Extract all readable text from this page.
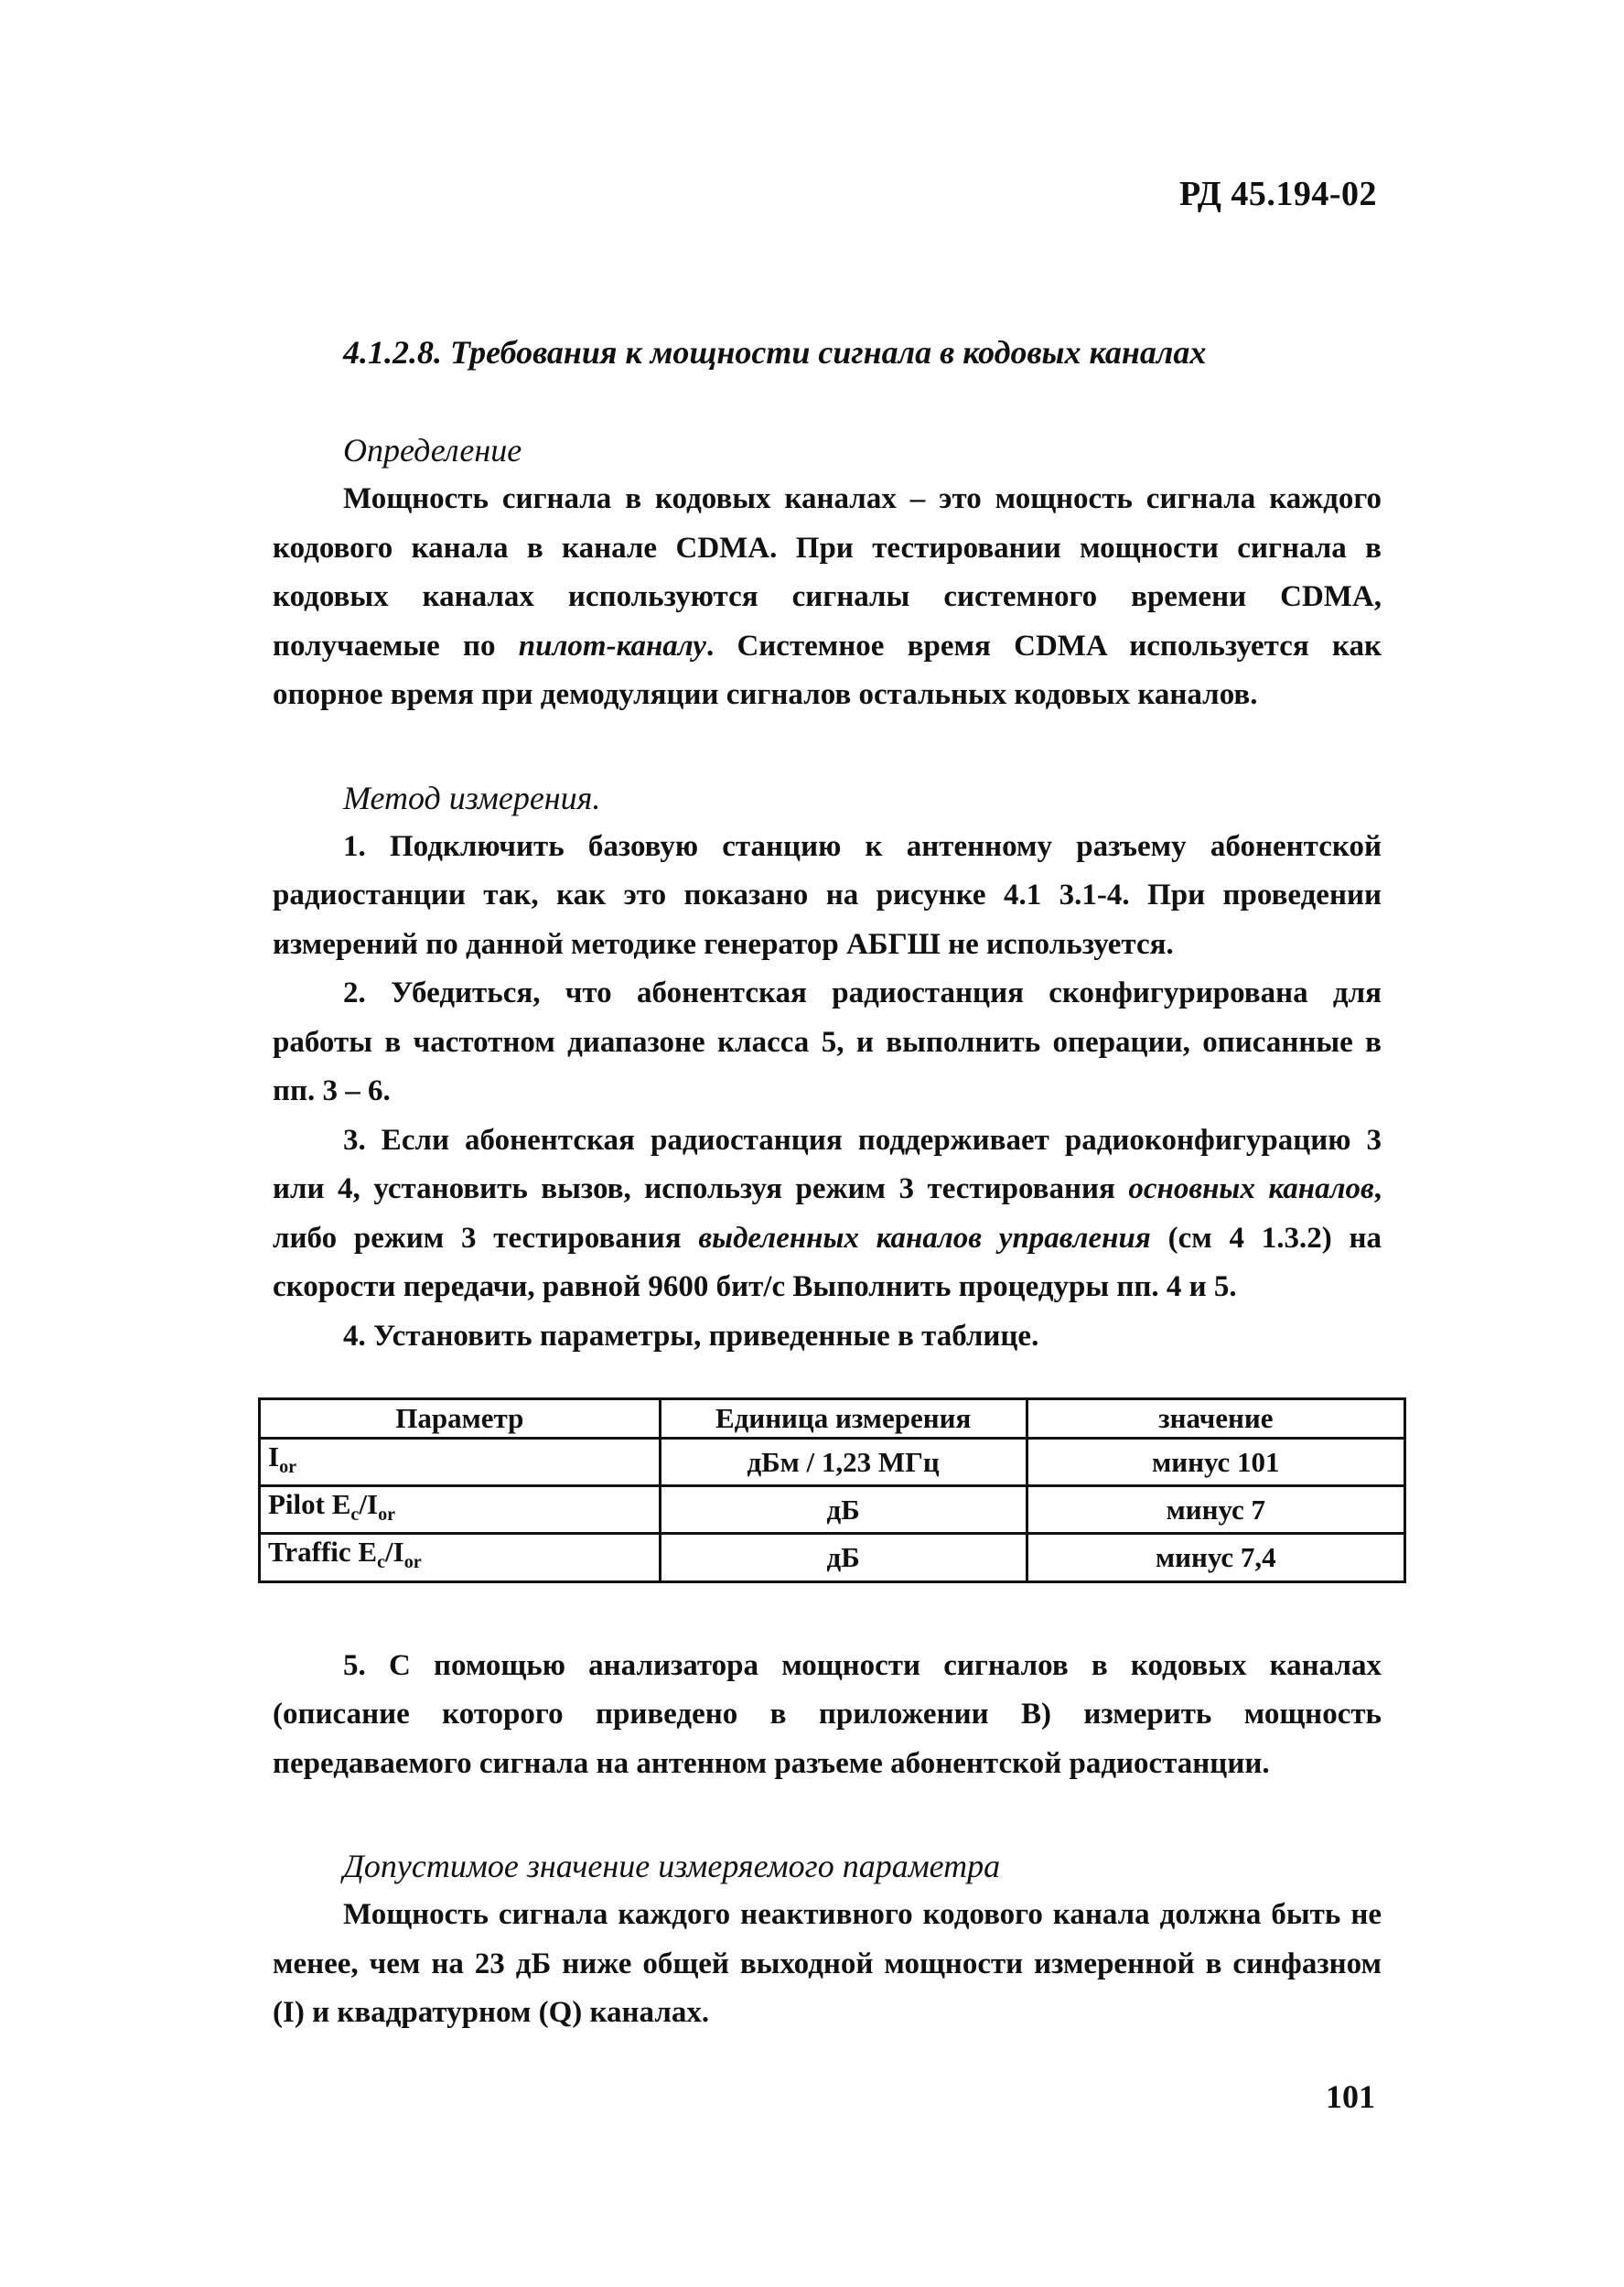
РД 45.194-02
4.1.2.8. Требования к мощности сигнала в кодовых каналах
Определение

Мощность сигнала в кодовых каналах – это мощность сигнала каждого кодового канала в канале CDMA. При тестировании мощности сигнала в кодовых каналах используются сигналы системного времени CDMA, получаемые по пилот-каналу. Системное время CDMA используется как опорное время при демодуляции сигналов остальных кодовых каналов.

Метод измерения.

1. Подключить базовую станцию к антенному разъему абонентской радиостанции так, как это показано на рисунке 4.1 3.1-4. При проведении измерений по данной методике генератор АБГШ не используется.

2. Убедиться, что абонентская радиостанция сконфигурирована для работы в частотном диапазоне класса 5, и выполнить операции, описанные в пп. 3 – 6.

3. Если абонентская радиостанция поддерживает радиоконфигурацию 3 или 4, установить вызов, используя режим 3 тестирования основных каналов, либо режим 3 тестирования выделенных каналов управления (см 4 1.3.2) на скорости передачи, равной 9600 бит/с Выполнить процедуры пп. 4 и 5.

4. Установить параметры, приведенные в таблице.

Параметр	Единица измерения	значение
$I_{or}$	дБм / 1,23 МГц	минус 101
Pilot $E_c/I_{or}$	дБ	минус 7
Traffic $E_c/I_{or}$	дБ	минус 7,4

5. С помощью анализатора мощности сигналов в кодовых каналах (описание которого приведено в приложении В) измерить мощность передаваемого сигнала на антенном разъеме абонентской радиостанции.

Допустимое значение измеряемого параметра

Мощность сигнала каждого неактивного кодового канала должна быть не менее, чем на 23 дБ ниже общей выходной мощности измеренной в синфазном (I) и квадратурном (Q) каналах.

101
